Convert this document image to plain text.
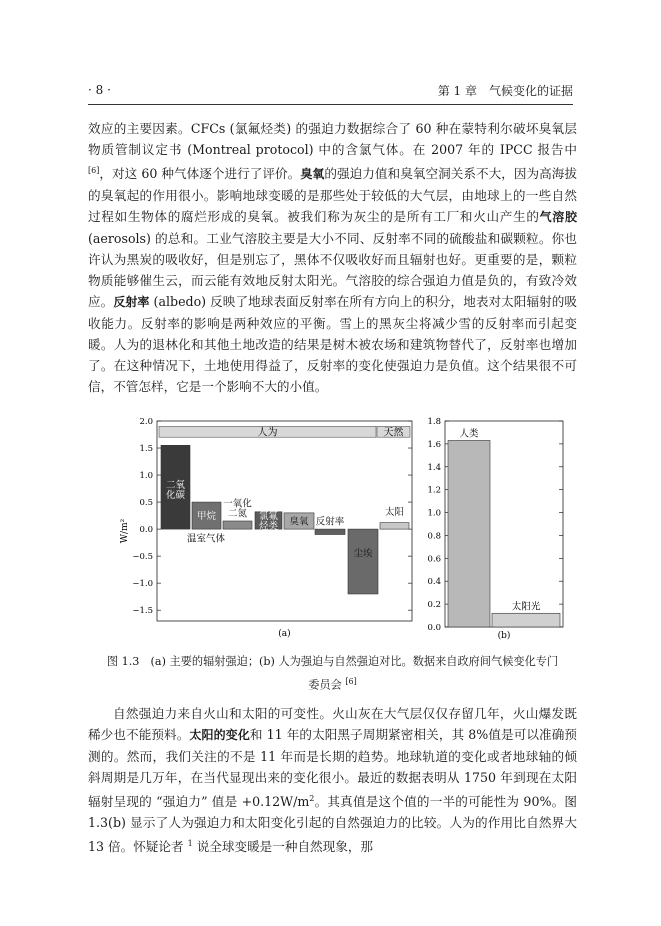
· 8 ·	第 1 章　气候变化的证据

效应的主要因素。CFCs (氯氟烃类) 的强迫力数据综合了 60 种在蒙特利尔破坏臭氧层物质管制议定书 (Montreal protocol) 中的含氯气体。在 2007 年的 IPCC 报告中 [6]，对这 60 种气体逐个进行了评价。臭氧的强迫力值和臭氧空洞关系不大，因为高海拔的臭氧起的作用很小。影响地球变暖的是那些处于较低的大气层，由地球上的一些自然过程如生物体的腐烂形成的臭氧。被我们称为灰尘的是所有工厂和火山产生的气溶胶(aerosols) 的总和。工业气溶胶主要是大小不同、反射率不同的硫酸盐和碳颗粒。你也许认为黑炭的吸收好，但是别忘了，黑体不仅吸收好而且辐射也好。更重要的是，颗粒物质能够催生云，而云能有效地反射太阳光。气溶胶的综合强迫力值是负的，有致冷效应。反射率 (albedo) 反映了地球表面反射率在所有方向上的积分，地表对太阳辐射的吸收能力。反射率的影响是两种效应的平衡。雪上的黑灰尘将减少雪的反射率而引起变暖。人为的退林化和其他土地改造的结果是树木被农场和建筑物替代了，反射率也增加了。在这种情况下，土地使用得益了，反射率的变化使强迫力是负值。这个结果很不可信，不管怎样，它是一个影响不大的小值。

人为	天然
2.0
1.5
1.0
0.5
0.0
−0.5
−1.0
−1.5
W/m²
二氧
化碳
甲烷
一氧化
二氮 氯氟
烃类 臭氧 反射率
尘埃
太阳
温室气体
(a)
1.8
1.6
1.4
1.2
1.0
0.8
0.6
0.4
0.2
0.0
人类
太阳光
(b)
图 1.3　(a) 主要的辐射强迫；(b) 人为强迫与自然强迫对比。数据来自政府间气候变化专门
委员会 [6]

自然强迫力来自火山和太阳的可变性。火山灰在大气层仅仅存留几年，火山爆发既稀少也不能预料。太阳的变化和 11 年的太阳黑子周期紧密相关，其 8%值是可以准确预测的。然而，我们关注的不是 11 年而是长期的趋势。地球轨道的变化或者地球轴的倾斜周期是几万年，在当代显现出来的变化很小。最近的数据表明从 1750 年到现在太阳辐射呈现的 “强迫力” 值是 $+0.12W/m^2$。其真值是这个值的一半的可能性为 90%。图 1.3(b) 显示了人为强迫力和太阳变化引起的自然强迫力的比较。人为的作用比自然界大 13 倍。怀疑论者 $^1$ 说全球变暖是一种自然现象，那
